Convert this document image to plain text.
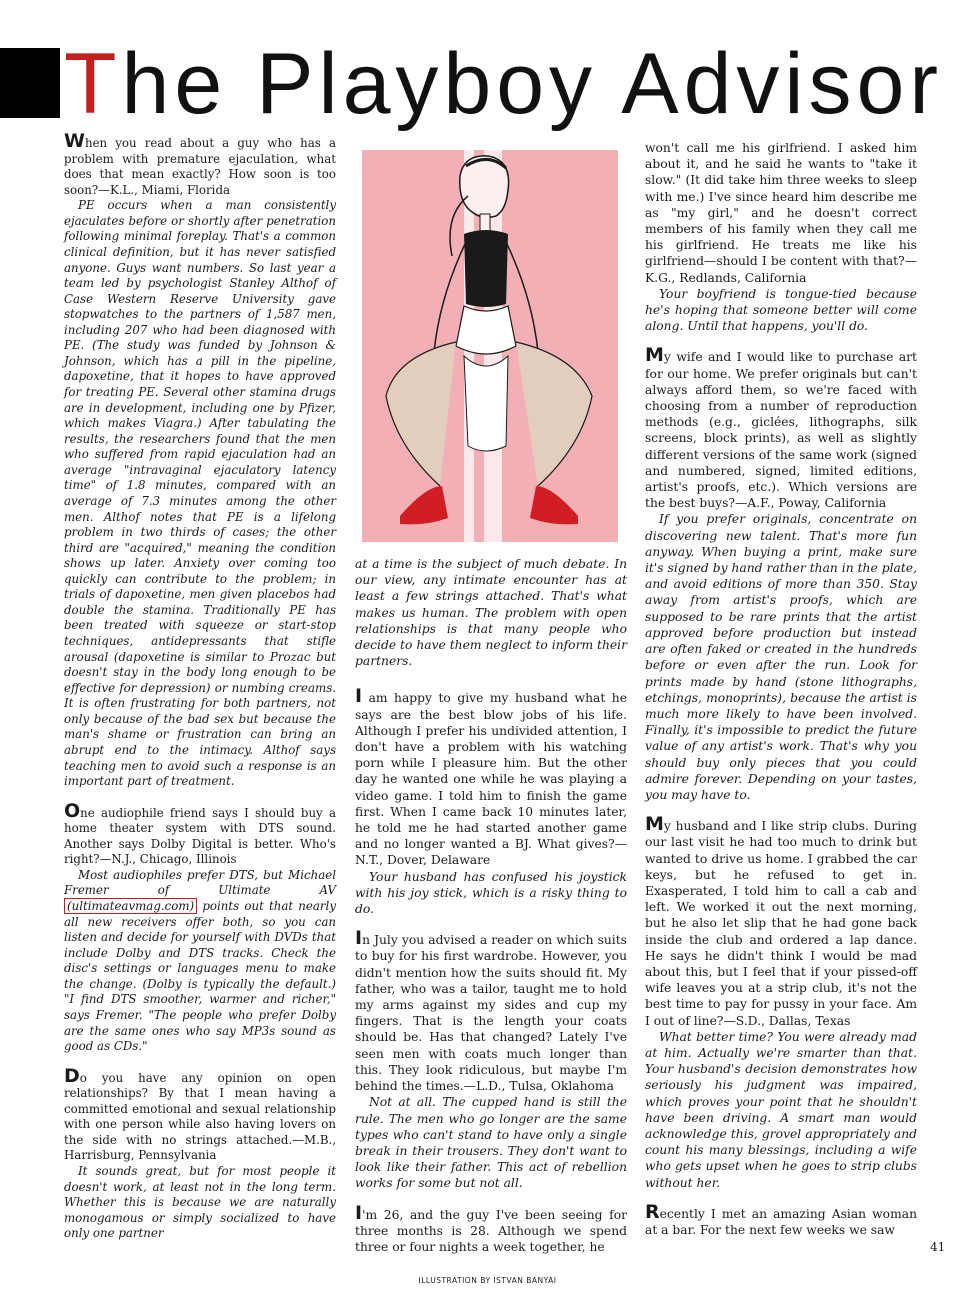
The Playboy Advisor

When you read about a guy who has a problem with premature ejaculation, what does that mean exactly? How soon is too soon?—K.L., Miami, Florida

PE occurs when a man consistently ejaculates before or shortly after penetration following minimal foreplay. That's a common clinical definition, but it has never satisfied anyone. Guys want numbers. So last year a team led by psychologist Stanley Althof of Case Western Reserve University gave stopwatches to the partners of 1,587 men, including 207 who had been diagnosed with PE. (The study was funded by Johnson & Johnson, which has a pill in the pipeline, dapoxetine, that it hopes to have approved for treating PE. Several other stamina drugs are in development, including one by Pfizer, which makes Viagra.) After tabulating the results, the researchers found that the men who suffered from rapid ejaculation had an average "intravaginal ejaculatory latency time" of 1.8 minutes, compared with an average of 7.3 minutes among the other men. Althof notes that PE is a lifelong problem in two thirds of cases; the other third are "acquired," meaning the condition shows up later. Anxiety over coming too quickly can contribute to the problem; in trials of dapoxetine, men given placebos had double the stamina. Traditionally PE has been treated with squeeze or start-stop techniques, antidepressants that stifle arousal (dapoxetine is similar to Prozac but doesn't stay in the body long enough to be effective for depression) or numbing creams. It is often frustrating for both partners, not only because of the bad sex but because the man's shame or frustration can bring an abrupt end to the intimacy. Althof says teaching men to avoid such a response is an important part of treatment.

One audiophile friend says I should buy a home theater system with DTS sound. Another says Dolby Digital is better. Who's right?—N.J., Chicago, Illinois

Most audiophiles prefer DTS, but Michael Fremer of Ultimate AV (ultimateavmag.com) points out that nearly all new receivers offer both, so you can listen and decide for yourself with DVDs that include Dolby and DTS tracks. Check the disc's settings or languages menu to make the change. (Dolby is typically the default.) "I find DTS smoother, warmer and richer," says Fremer. "The people who prefer Dolby are the same ones who say MP3s sound as good as CDs."

Do you have any opinion on open relationships? By that I mean having a committed emotional and sexual relationship with one person while also having lovers on the side with no strings attached.—M.B., Harrisburg, Pennsylvania

It sounds great, but for most people it doesn't work, at least not in the long term. Whether this is because we are naturally monogamous or simply socialized to have only one partner

at a time is the subject of much debate. In our view, any intimate encounter has at least a few strings attached. That's what makes us human. The problem with open relationships is that many people who decide to have them neglect to inform their partners.

I am happy to give my husband what he says are the best blow jobs of his life. Although I prefer his undivided attention, I don't have a problem with his watching porn while I pleasure him. But the other day he wanted one while he was playing a video game. I told him to finish the game first. When I came back 10 minutes later, he told me he had started another game and no longer wanted a BJ. What gives?—N.T., Dover, Delaware

Your husband has confused his joystick with his joy stick, which is a risky thing to do.

In July you advised a reader on which suits to buy for his first wardrobe. However, you didn't mention how the suits should fit. My father, who was a tailor, taught me to hold my arms against my sides and cup my fingers. That is the length your coats should be. Has that changed? Lately I've seen men with coats much longer than this. They look ridiculous, but maybe I'm behind the times.—L.D., Tulsa, Oklahoma

Not at all. The cupped hand is still the rule. The men who go longer are the same types who can't stand to have only a single break in their trousers. They don't want to look like their father. This act of rebellion works for some but not all.

I'm 26, and the guy I've been seeing for three months is 28. Although we spend three or four nights a week together, he

won't call me his girlfriend. I asked him about it, and he said he wants to "take it slow." (It did take him three weeks to sleep with me.) I've since heard him describe me as "my girl," and he doesn't correct members of his family when they call me his girlfriend. He treats me like his girlfriend—should I be content with that?—K.G., Redlands, California

Your boyfriend is tongue-tied because he's hoping that someone better will come along. Until that happens, you'll do.

My wife and I would like to purchase art for our home. We prefer originals but can't always afford them, so we're faced with choosing from a number of reproduction methods (e.g., giclées, lithographs, silk screens, block prints), as well as slightly different versions of the same work (signed and numbered, signed, limited editions, artist's proofs, etc.). Which versions are the best buys?—A.F., Poway, California

If you prefer originals, concentrate on discovering new talent. That's more fun anyway. When buying a print, make sure it's signed by hand rather than in the plate, and avoid editions of more than 350. Stay away from artist's proofs, which are supposed to be rare prints that the artist approved before production but instead are often faked or created in the hundreds before or even after the run. Look for prints made by hand (stone lithographs, etchings, monoprints), because the artist is much more likely to have been involved. Finally, it's impossible to predict the future value of any artist's work. That's why you should buy only pieces that you could admire forever. Depending on your tastes, you may have to.

My husband and I like strip clubs. During our last visit he had too much to drink but wanted to drive us home. I grabbed the car keys, but he refused to get in. Exasperated, I told him to call a cab and left. We worked it out the next morning, but he also let slip that he had gone back inside the club and ordered a lap dance. He says he didn't think I would be mad about this, but I feel that if your pissed-off wife leaves you at a strip club, it's not the best time to pay for pussy in your face. Am I out of line?—S.D., Dallas, Texas

What better time? You were already mad at him. Actually we're smarter than that. Your husband's decision demonstrates how seriously his judgment was impaired, which proves your point that he shouldn't have been driving. A smart man would acknowledge this, grovel appropriately and count his many blessings, including a wife who gets upset when he goes to strip clubs without her.

Recently I met an amazing Asian woman at a bar. For the next few weeks we saw

41
ILLUSTRATION BY ISTVAN BANYAI
